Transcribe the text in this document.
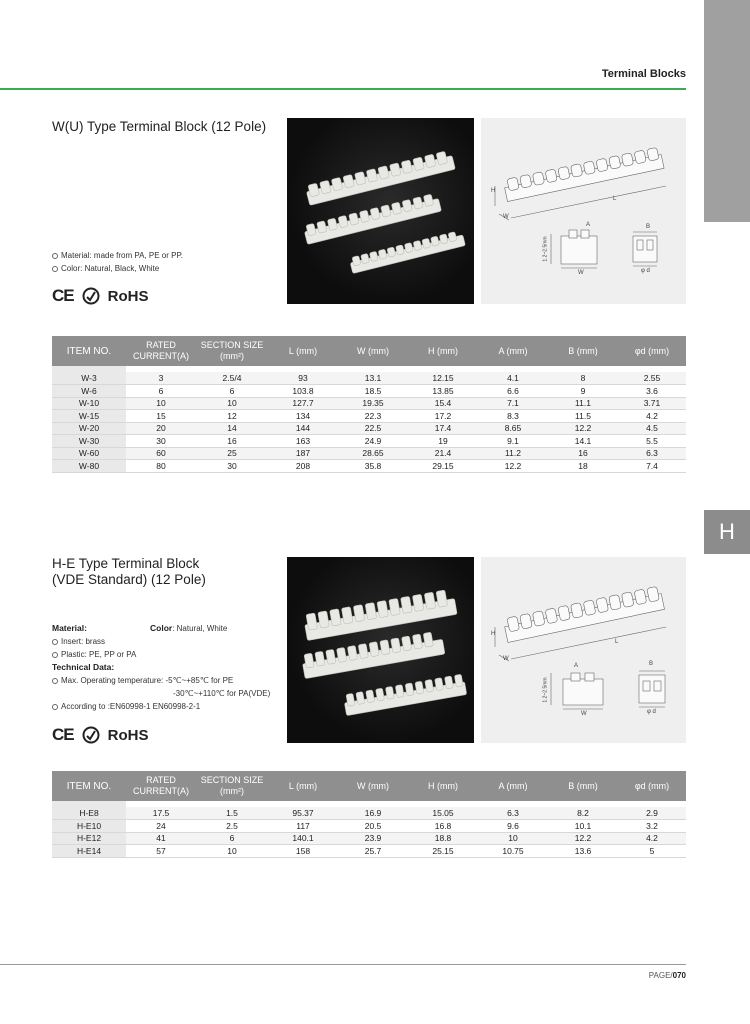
H
Terminal Blocks
W(U) Type Terminal Block (12 Pole)
H
W
L
A	B
W	φ d
1.2~2.5mm
Material: made from PA, PE or PP.
Color: Natural, Black, White
CE RoHS
ITEM NO.	RATED CURRENT(A)	SECTION SIZE (mm²)	L (mm)	W (mm)	H (mm)	A (mm)	B (mm)	φd (mm)

W-3	3	2.5/4	93	13.1	12.15	4.1	8	2.55
W-6	6	6	103.8	18.5	13.85	6.6	9	3.6
W-10	10	10	127.7	19.35	15.4	7.1	11.1	3.71
W-15	15	12	134	22.3	17.2	8.3	11.5	4.2
W-20	20	14	144	22.5	17.4	8.65	12.2	4.5
W-30	30	16	163	24.9	19	9.1	14.1	5.5
W-60	60	25	187	28.65	21.4	11.2	16	6.3
W-80	80	30	208	35.8	29.15	12.2	18	7.4
H-E Type Terminal Block
(VDE Standard) (12 Pole)
H
W
L
A	B
W	φ d
1.2~2.5mm
Material:	Color: Natural, White
Insert: brass
Plastic: PE, PP or PA
Technical Data:
Max. Operating temperature: -5℃~+85℃ for PE
-30℃~+110℃ for PA(VDE)
According to :EN60998-1 EN60998-2-1
CE RoHS
ITEM NO.	RATED CURRENT(A)	SECTION SIZE (mm²)	L (mm)	W (mm)	H (mm)	A (mm)	B (mm)	φd (mm)

H-E8	17.5	1.5	95.37	16.9	15.05	6.3	8.2	2.9
H-E10	24	2.5	117	20.5	16.8	9.6	10.1	3.2
H-E12	41	6	140.1	23.9	18.8	10	12.2	4.2
H-E14	57	10	158	25.7	25.15	10.75	13.6	5
PAGE/070
